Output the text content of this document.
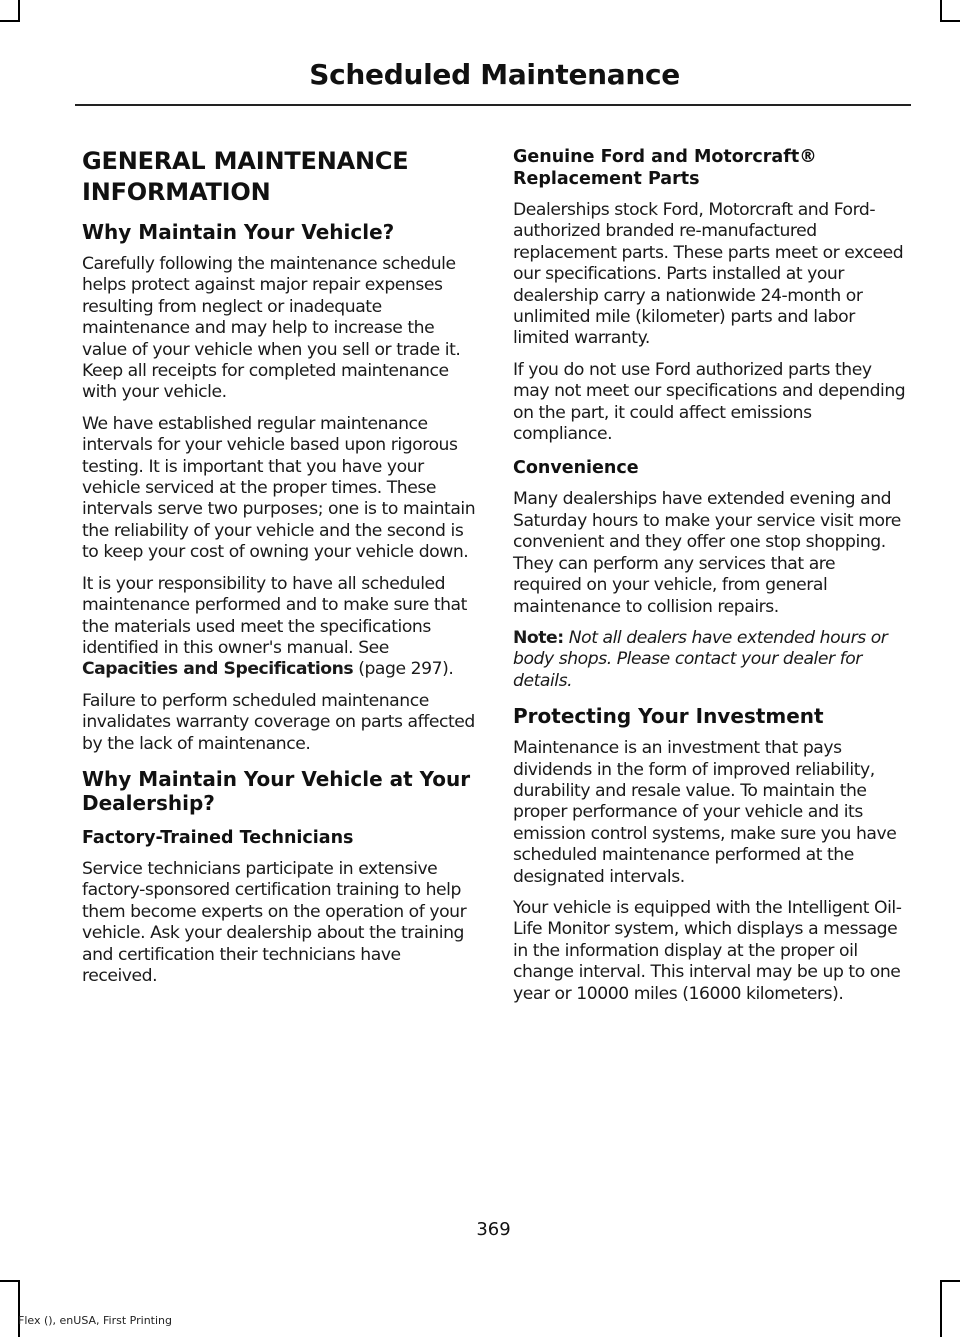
Scheduled Maintenance
GENERAL MAINTENANCE
INFORMATION
Why Maintain Your Vehicle?

Carefully following the maintenance schedule helps protect against major repair expenses resulting from neglect or inadequate maintenance and may help to increase the value of your vehicle when you sell or trade it. Keep all receipts for completed maintenance with your vehicle.

We have established regular maintenance intervals for your vehicle based upon rigorous testing. It is important that you have your vehicle serviced at the proper times. These intervals serve two purposes; one is to maintain the reliability of your vehicle and the second is to keep your cost of owning your vehicle down.

It is your responsibility to have all scheduled maintenance performed and to make sure that the materials used meet the specifications identified in this owner's manual. See Capacities and Specifications (page 297).

Failure to perform scheduled maintenance invalidates warranty coverage on parts affected by the lack of maintenance.

Why Maintain Your Vehicle at Your Dealership?
Factory-Trained Technicians

Service technicians participate in extensive factory-sponsored certification training to help them become experts on the operation of your vehicle. Ask your dealership about the training and certification their technicians have received.

Genuine Ford and Motorcraft® Replacement Parts

Dealerships stock Ford, Motorcraft and Ford-authorized branded re-manufactured replacement parts. These parts meet or exceed our specifications. Parts installed at your dealership carry a nationwide 24-month or unlimited mile (kilometer) parts and labor limited warranty.

If you do not use Ford authorized parts they may not meet our specifications and depending on the part, it could affect emissions compliance.

Convenience

Many dealerships have extended evening and Saturday hours to make your service visit more convenient and they offer one stop shopping. They can perform any services that are required on your vehicle, from general maintenance to collision repairs.

Note: Not all dealers have extended hours or body shops. Please contact your dealer for details.

Protecting Your Investment

Maintenance is an investment that pays dividends in the form of improved reliability, durability and resale value. To maintain the proper performance of your vehicle and its emission control systems, make sure you have scheduled maintenance performed at the designated intervals.

Your vehicle is equipped with the Intelligent Oil-Life Monitor system, which displays a message in the information display at the proper oil change interval. This interval may be up to one year or 10000 miles (16000 kilometers).

369
Flex (), enUSA, First Printing
